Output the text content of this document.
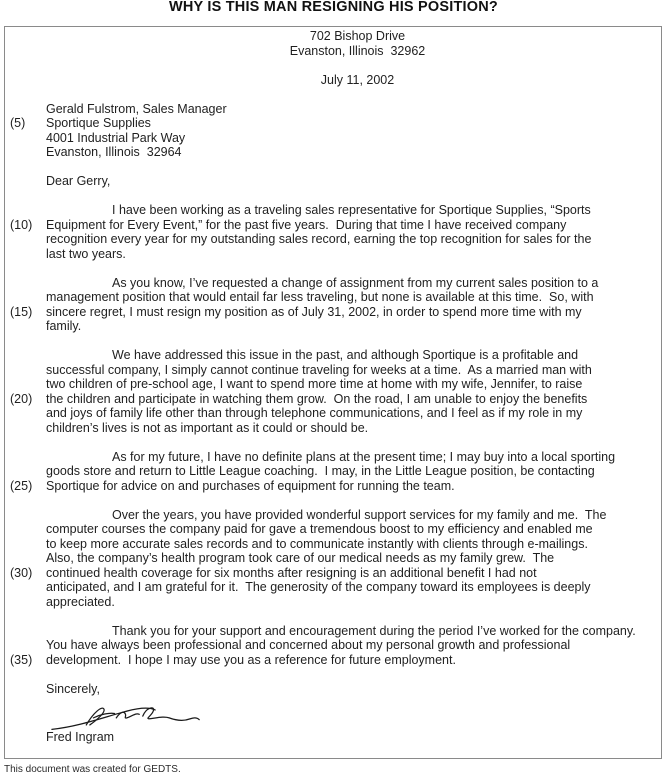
WHY IS THIS MAN RESIGNING HIS POSITION?
702 Bishop Drive
Evanston, Illinois  32962
July 11, 2002
Gerald Fulstrom, Sales Manager
(5)	Sportique Supplies
4001 Industrial Park Way
Evanston, Illinois  32964
Dear Gerry,
I have been working as a traveling sales representative for Sportique Supplies, “Sports
(10)	Equipment for Every Event,” for the past five years.  During that time I have received company
recognition every year for my outstanding sales record, earning the top recognition for sales for the
last two years.
As you know, I’ve requested a change of assignment from my current sales position to a
management position that would entail far less traveling, but none is available at this time.  So, with
(15)	sincere regret, I must resign my position as of July 31, 2002, in order to spend more time with my
family.
We have addressed this issue in the past, and although Sportique is a profitable and
successful company, I simply cannot continue traveling for weeks at a time.  As a married man with
two children of pre-school age, I want to spend more time at home with my wife, Jennifer, to raise
(20)	the children and participate in watching them grow.  On the road, I am unable to enjoy the benefits
and joys of family life other than through telephone communications, and I feel as if my role in my
children’s lives is not as important as it could or should be.
As for my future, I have no definite plans at the present time; I may buy into a local sporting
goods store and return to Little League coaching.  I may, in the Little League position, be contacting
(25)	Sportique for advice on and purchases of equipment for running the team.
Over the years, you have provided wonderful support services for my family and me.  The
computer courses the company paid for gave a tremendous boost to my efficiency and enabled me
to keep more accurate sales records and to communicate instantly with clients through e-mailings.
Also, the company’s health program took care of our medical needs as my family grew.  The
(30)	continued health coverage for six months after resigning is an additional benefit I had not
anticipated, and I am grateful for it.  The generosity of the company toward its employees is deeply
appreciated.
Thank you for your support and encouragement during the period I’ve worked for the company.
You have always been professional and concerned about my personal growth and professional
(35)	development.  I hope I may use you as a reference for future employment.
Sincerely,
Fred Ingram
This document was created for GEDTS.
